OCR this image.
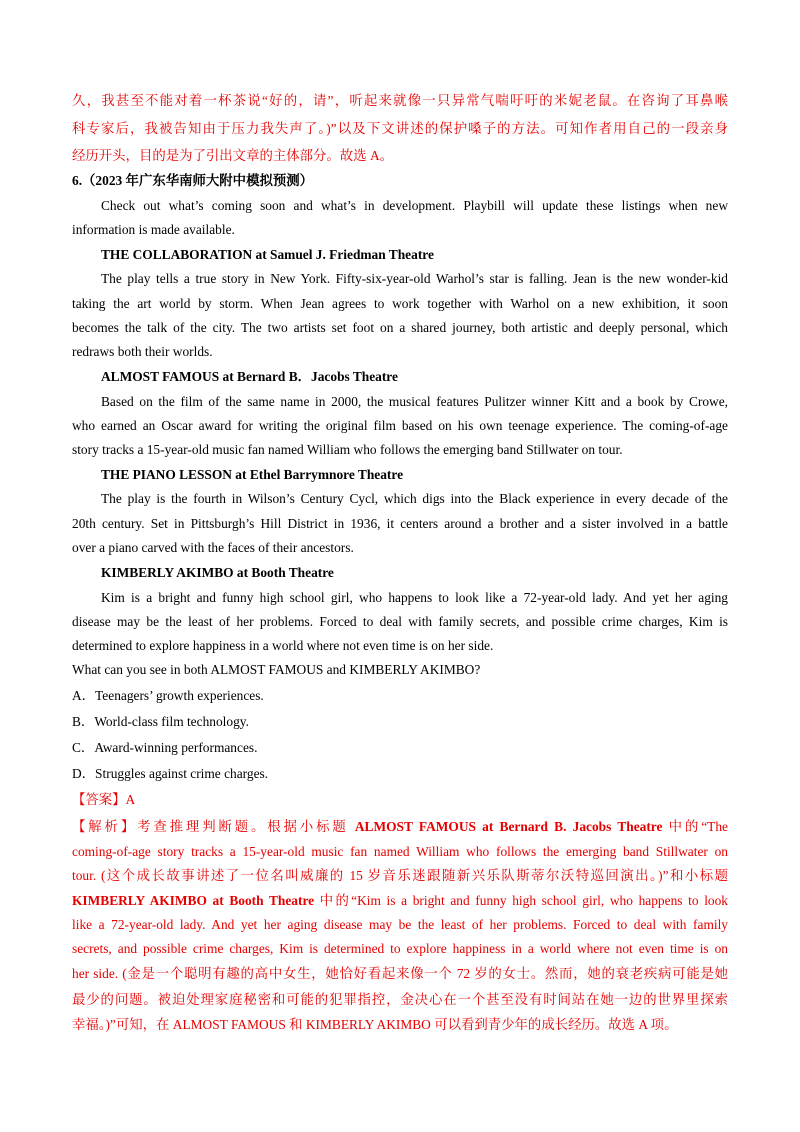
久，我甚至不能对着一杯茶说“好的，请”，听起来就像一只异常气喘吁吁的米妮老鼠。在咨询了耳鼻喉
科专家后，我被告知由于压力我失声了。)”以及下文讲述的保护嗓子的方法。可知作者用自己的一段亲身
经历开头，目的是为了引出文章的主体部分。故选 A。
6.（2023 年广东华南师大附中模拟预测）
Check out what’s coming soon and what’s in development. Playbill will update these listings when new
information is made available.
THE COLLABORATION at Samuel J. Friedman Theatre
The play tells a true story in New York. Fifty-six-year-old Warhol’s star is falling. Jean is the new wonder-kid
taking the art world by storm. When Jean agrees to work together with Warhol on a new exhibition, it soon
becomes the talk of the city. The two artists set foot on a shared journey, both artistic and deeply personal, which
redraws both their worlds.
ALMOST FAMOUS at Bernard B．Jacobs Theatre
Based on the film of the same name in 2000, the musical features Pulitzer winner Kitt and a book by Crowe,
who earned an Oscar award for writing the original film based on his own teenage experience. The coming-of-age
story tracks a 15-year-old music fan named William who follows the emerging band Stillwater on tour.
THE PIANO LESSON at Ethel Barrymnore Theatre
The play is the fourth in Wilson’s Century Cycl, which digs into the Black experience in every decade of the
20th century. Set in Pittsburgh’s Hill District in 1936, it centers around a brother and a sister involved in a battle
over a piano carved with the faces of their ancestors.
KIMBERLY AKIMBO at Booth Theatre
Kim is a bright and funny high school girl, who happens to look like a 72-year-old lady. And yet her aging
disease may be the least of her problems. Forced to deal with family secrets, and possible crime charges, Kim is
determined to explore happiness in a world where not even time is on her side.
What can you see in both ALMOST FAMOUS and KIMBERLY AKIMBO?
A．Teenagers’ growth experiences.
B．World-class film technology.
C．Award-winning performances.
D．Struggles against crime charges.
【答案】A
【解析】考查推理判断题。根据小标题 ALMOST FAMOUS at Bernard B. Jacobs Theatre 中的“The
coming-of-age story tracks a 15-year-old music fan named William who follows the emerging band Stillwater on
tour. (这个成长故事讲述了一位名叫威廉的 15 岁音乐迷跟随新兴乐队斯蒂尔沃特巡回演出。)”和小标题
KIMBERLY AKIMBO at Booth Theatre 中的“Kim is a bright and funny high school girl, who happens to look
like a 72-year-old lady. And yet her aging disease may be the least of her problems. Forced to deal with family
secrets, and possible crime charges, Kim is determined to explore happiness in a world where not even time is on
her side. (金是一个聪明有趣的高中女生，她恰好看起来像一个 72 岁的女士。然而，她的衰老疾病可能是她
最少的问题。被迫处理家庭秘密和可能的犯罪指控，金决心在一个甚至没有时间站在她一边的世界里探索
幸福。)”可知，在 ALMOST FAMOUS 和 KIMBERLY AKIMBO 可以看到青少年的成长经历。故选 A 项。
